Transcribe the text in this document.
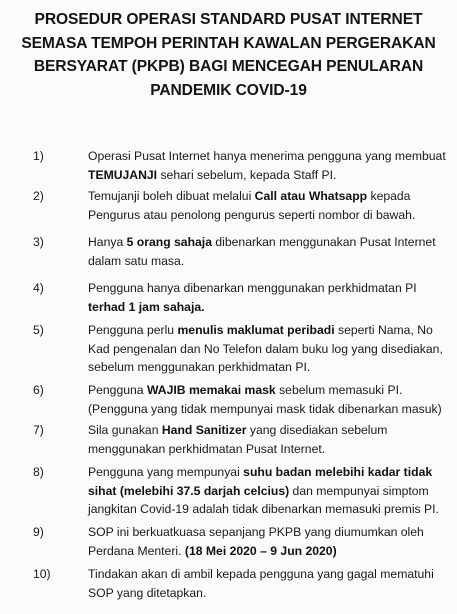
PROSEDUR OPERASI STANDARD PUSAT INTERNET
SEMASA TEMPOH PERINTAH KAWALAN PERGERAKAN
BERSYARAT (PKPB) BAGI MENCEGAH PENULARAN
PANDEMIK COVID-19
1)	Operasi Pusat Internet hanya menerima pengguna yang membuat
TEMUJANJI sehari sebelum, kepada Staff PI.
2)	Temujanji boleh dibuat melalui Call atau Whatsapp kepada
Pengurus atau penolong pengurus seperti nombor di bawah.
3)	Hanya 5 orang sahaja dibenarkan menggunakan Pusat Internet
dalam satu masa.
4)	Pengguna hanya dibenarkan menggunakan perkhidmatan PI
terhad 1 jam sahaja.
5)	Pengguna perlu menulis maklumat peribadi seperti Nama, No
Kad pengenalan dan No Telefon dalam buku log yang disediakan,
sebelum menggunakan perkhidmatan PI.
6)	Pengguna WAJIB memakai mask sebelum memasuki PI.
(Pengguna yang tidak mempunyai mask tidak dibenarkan masuk)
7)	Sila gunakan Hand Sanitizer yang disediakan sebelum
menggunakan perkhidmatan Pusat Internet.
8)	Pengguna yang mempunyai suhu badan melebihi kadar tidak
sihat (melebihi 37.5 darjah celcius) dan mempunyai simptom
jangkitan Covid-19 adalah tidak dibenarkan memasuki premis PI.
9)	SOP ini berkuatkuasa sepanjang PKPB yang diumumkan oleh
Perdana Menteri. (18 Mei 2020 – 9 Jun 2020)
10)	Tindakan akan di ambil kepada pengguna yang gagal mematuhi
SOP yang ditetapkan.
